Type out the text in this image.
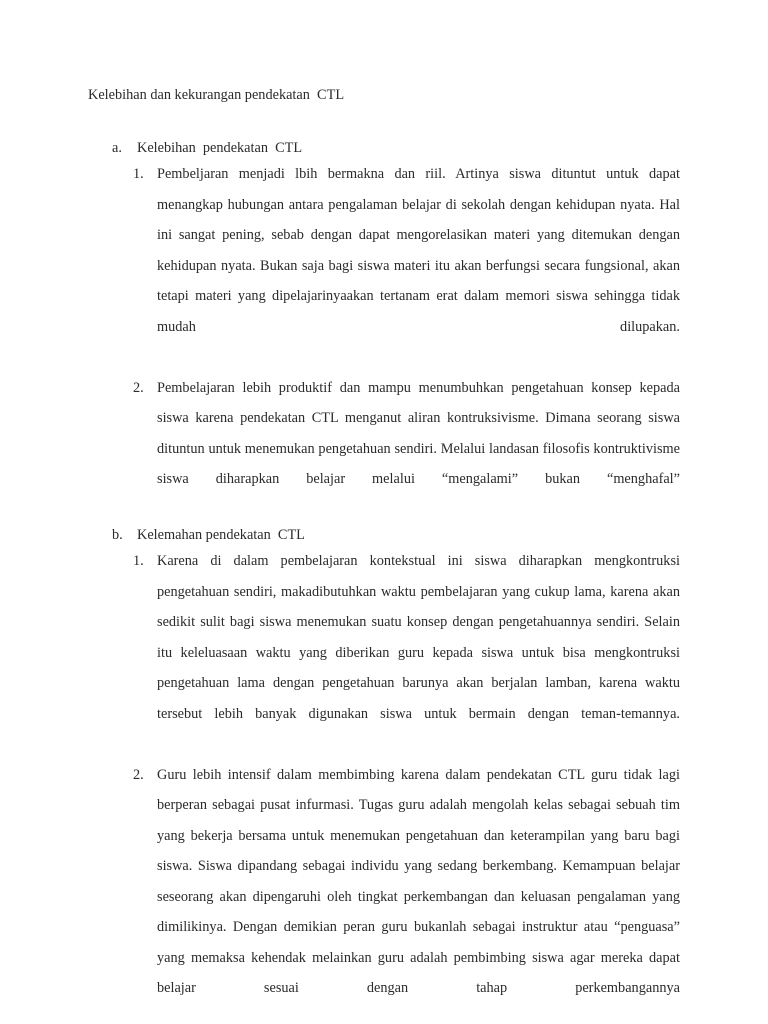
Kelebihan dan kekurangan pendekatan  CTL

a.	Kelebihan  pendekatan  CTL
1. Pembeljaran menjadi lbih bermakna dan riil. Artinya siswa dituntut untuk dapat menangkap hubungan antara pengalaman belajar di sekolah dengan kehidupan nyata. Hal ini sangat pening, sebab dengan dapat mengorelasikan materi yang ditemukan dengan kehidupan nyata. Bukan saja bagi siswa materi itu akan berfungsi secara fungsional, akan tetapi materi yang dipelajarinyaakan tertanam erat dalam memori siswa sehingga tidak mudah dilupakan.
2. Pembelajaran lebih produktif dan mampu menumbuhkan pengetahuan konsep kepada siswa karena pendekatan CTL menganut aliran kontruksivisme. Dimana seorang siswa dituntun untuk menemukan pengetahuan sendiri. Melalui landasan filosofis kontruktivisme siswa diharapkan belajar melalui “mengalami” bukan “menghafal”
b. Kelemahan pendekatan  CTL
1. Karena di dalam pembelajaran kontekstual ini siswa diharapkan mengkontruksi pengetahuan sendiri, makadibutuhkan waktu pembelajaran yang cukup lama, karena akan sedikit sulit bagi siswa menemukan suatu konsep dengan pengetahuannya sendiri. Selain itu keleluasaan waktu yang diberikan guru kepada siswa untuk bisa mengkontruksi pengetahuan lama dengan pengetahuan barunya akan berjalan lamban, karena waktu tersebut lebih banyak digunakan siswa untuk bermain dengan teman-temannya.
2. Guru lebih intensif dalam membimbing karena dalam pendekatan CTL guru tidak lagi berperan sebagai pusat infurmasi. Tugas guru adalah mengolah kelas sebagai sebuah tim yang bekerja bersama untuk menemukan pengetahuan dan keterampilan yang baru bagi siswa. Siswa dipandang sebagai individu yang sedang berkembang. Kemampuan belajar seseorang akan dipengaruhi oleh tingkat perkembangan dan keluasan pengalaman yang dimilikinya. Dengan demikian peran guru bukanlah sebagai instruktur atau “penguasa” yang memaksa kehendak melainkan guru adalah pembimbing siswa agar mereka dapat belajar sesuai dengan tahap perkembangannya
